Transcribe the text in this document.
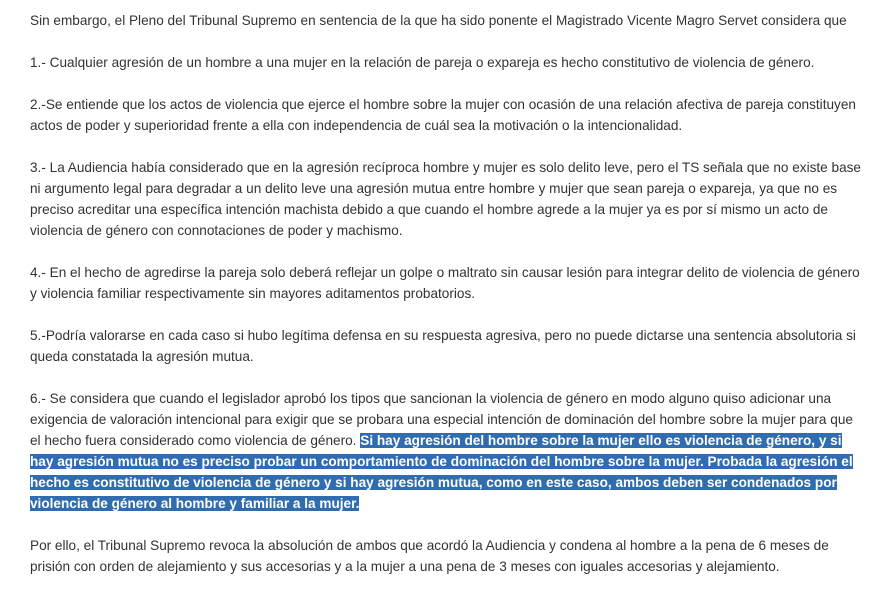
Sin embargo, el Pleno del Tribunal Supremo en sentencia de la que ha sido ponente el Magistrado Vicente Magro Servet considera que

1.- Cualquier agresión de un hombre a una mujer en la relación de pareja o expareja es hecho constitutivo de violencia de género.

2.-Se entiende que los actos de violencia que ejerce el hombre sobre la mujer con ocasión de una relación afectiva de pareja constituyen actos de poder y superioridad frente a ella con independencia de cuál sea la motivación o la intencionalidad.

3.- La Audiencia había considerado que en la agresión recíproca hombre y mujer es solo delito leve, pero el TS señala que no existe base ni argumento legal para degradar a un delito leve una agresión mutua entre hombre y mujer que sean pareja o expareja, ya que no es preciso acreditar una específica intención machista debido a que cuando el hombre agrede a la mujer ya es por sí mismo un acto de violencia de género con connotaciones de poder y machismo.

4.- En el hecho de agredirse la pareja solo deberá reflejar un golpe o maltrato sin causar lesión para integrar delito de violencia de género y violencia familiar respectivamente sin mayores aditamentos probatorios.

5.-Podría valorarse en cada caso si hubo legítima defensa en su respuesta agresiva, pero no puede dictarse una sentencia absolutoria si queda constatada la agresión mutua.

6.- Se considera que cuando el legislador aprobó los tipos que sancionan la violencia de género en modo alguno quiso adicionar una exigencia de valoración intencional para exigir que se probara una especial intención de dominación del hombre sobre la mujer para que el hecho fuera considerado como violencia de género. Si hay agresión del hombre sobre la mujer ello es violencia de género, y si hay agresión mutua no es preciso probar un comportamiento de dominación del hombre sobre la mujer. Probada la agresión el hecho es constitutivo de violencia de género y si hay agresión mutua, como en este caso, ambos deben ser condenados por violencia de género al hombre y familiar a la mujer.

Por ello, el Tribunal Supremo revoca la absolución de ambos que acordó la Audiencia y condena al hombre a la pena de 6 meses de prisión con orden de alejamiento y sus accesorias y a la mujer a una pena de 3 meses con iguales accesorias y alejamiento.
